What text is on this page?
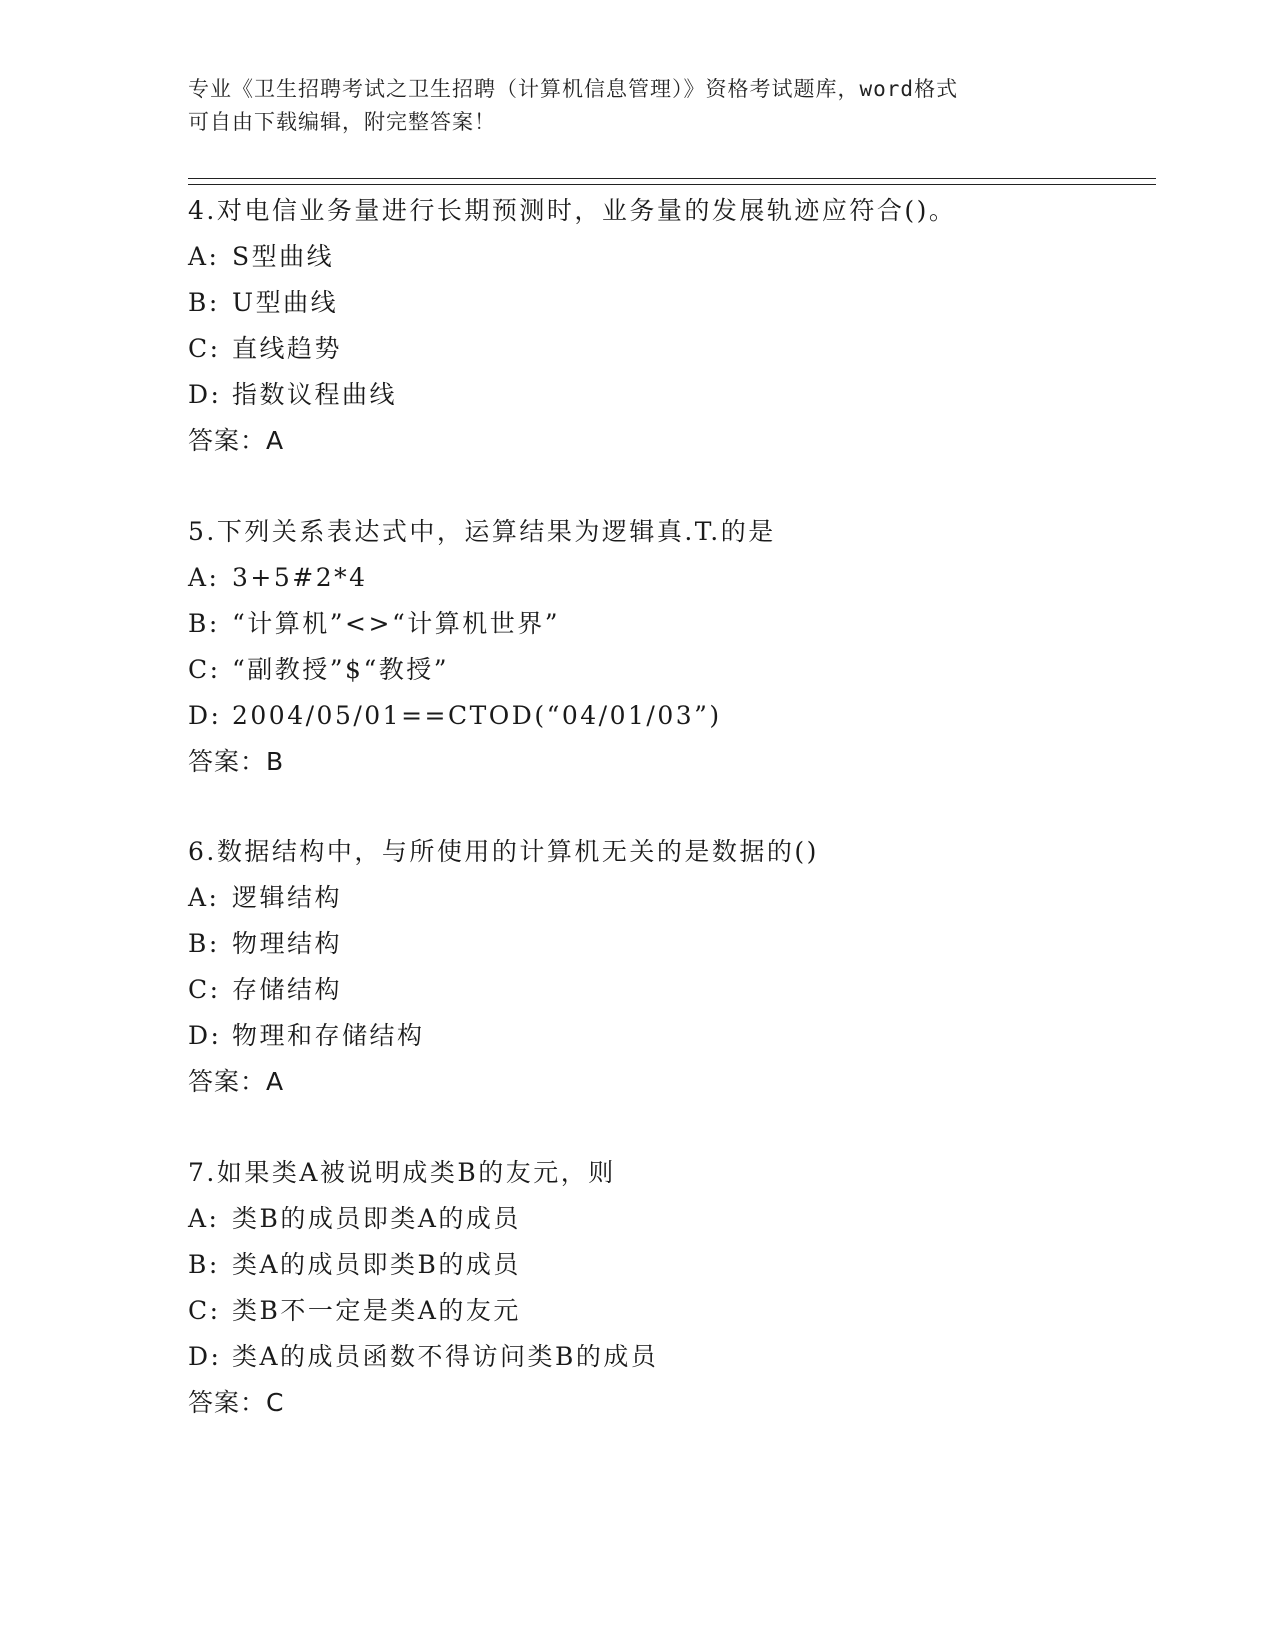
专业《卫生招聘考试之卫生招聘（计算机信息管理）》资格考试题库，word格式
可自由下载编辑，附完整答案！
4.对电信业务量进行长期预测时，业务量的发展轨迹应符合()。
A: S型曲线
B: U型曲线
C: 直线趋势
D: 指数议程曲线
答案：A
5.下列关系表达式中，运算结果为逻辑真.T.的是
A: 3+5#2*4
B: “计算机”<>“计算机世界”
C: “副教授”$“教授”
D: 2004/05/01==CTOD(“04/01/03”)
答案：B
6.数据结构中，与所使用的计算机无关的是数据的()
A: 逻辑结构
B: 物理结构
C: 存储结构
D: 物理和存储结构
答案：A
7.如果类A被说明成类B的友元，则
A: 类B的成员即类A的成员
B: 类A的成员即类B的成员
C: 类B不一定是类A的友元
D: 类A的成员函数不得访问类B的成员
答案：C
